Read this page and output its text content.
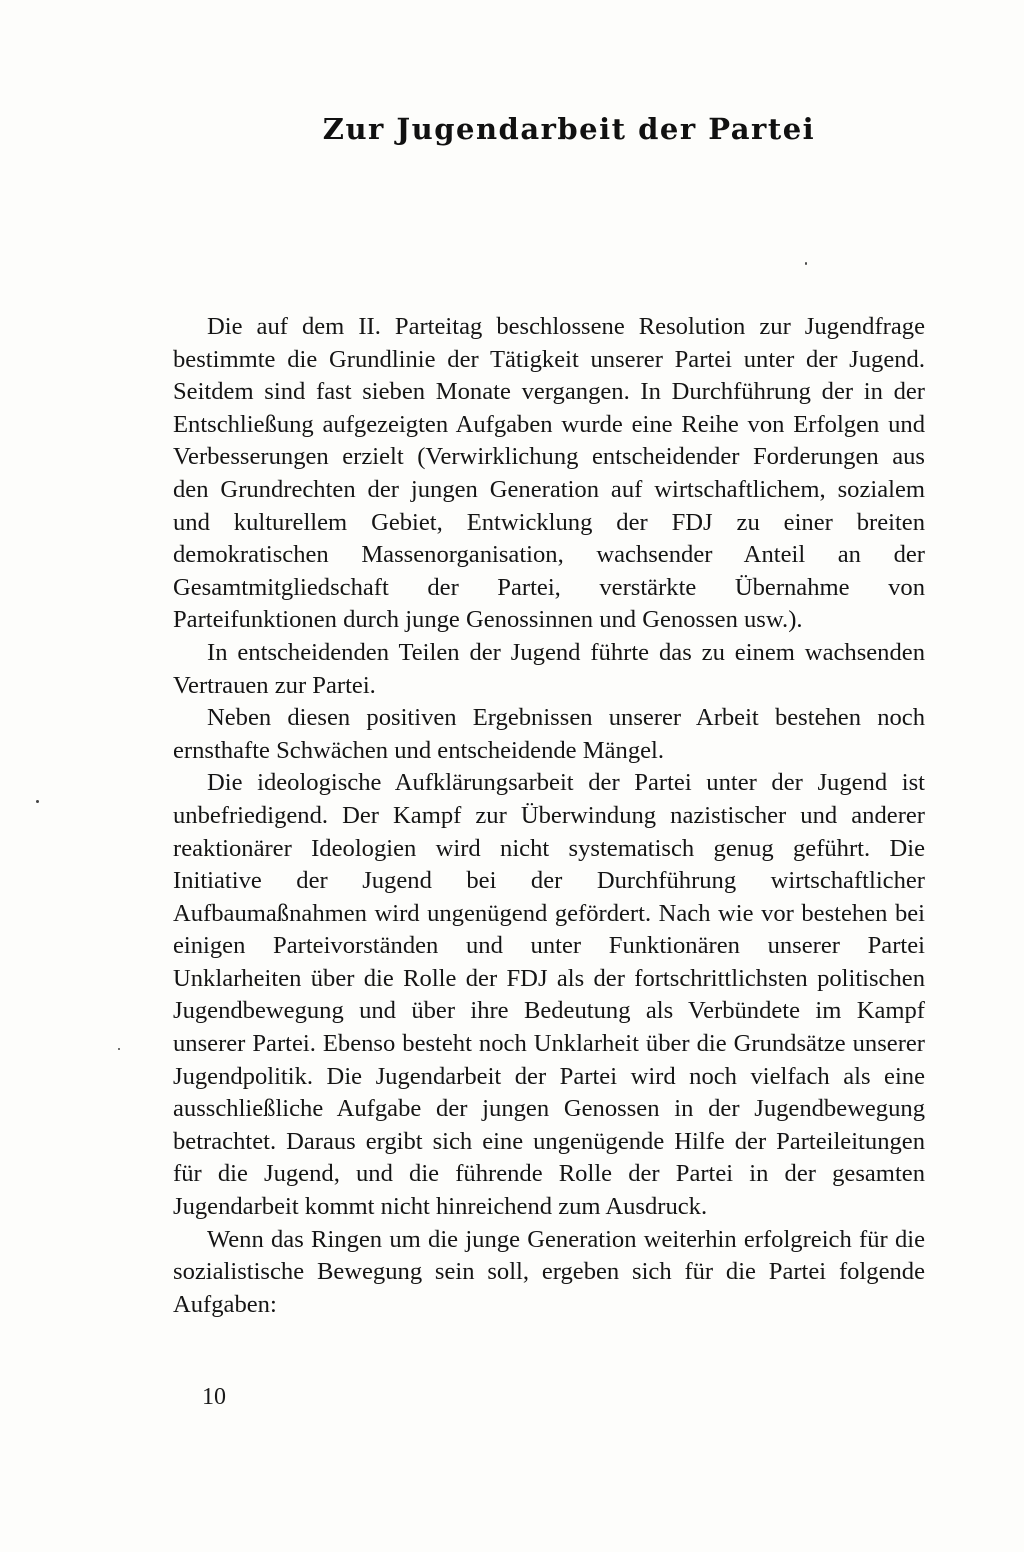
Zur Jugendarbeit der Partei

Die auf dem II. Parteitag beschlossene Resolution zur Jugendfrage bestimmte die Grundlinie der Tätigkeit unserer Partei unter der Jugend. Seitdem sind fast sieben Monate vergangen. In Durchführung der in der Entschließung aufgezeigten Aufgaben wurde eine Reihe von Erfolgen und Verbesserungen erzielt (Verwirklichung entscheidender Forderungen aus den Grundrechten der jungen Generation auf wirtschaftlichem, sozialem und kulturellem Gebiet, Entwicklung der FDJ zu einer breiten demokratischen Massenorganisation, wachsender Anteil an der Gesamtmitgliedschaft der Partei, verstärkte Übernahme von Parteifunktionen durch junge Genossinnen und Genossen usw.).

In entscheidenden Teilen der Jugend führte das zu einem wachsenden Vertrauen zur Partei.

Neben diesen positiven Ergebnissen unserer Arbeit bestehen noch ernsthafte Schwächen und entscheidende Mängel.

Die ideologische Aufklärungsarbeit der Partei unter der Jugend ist unbefriedigend. Der Kampf zur Überwindung nazistischer und anderer reaktionärer Ideologien wird nicht systematisch genug geführt. Die Initiative der Jugend bei der Durchführung wirtschaftlicher Aufbaumaßnahmen wird ungenügend gefördert. Nach wie vor bestehen bei einigen Parteivorständen und unter Funktionären unserer Partei Unklarheiten über die Rolle der FDJ als der fortschrittlichsten politischen Jugendbewegung und über ihre Bedeutung als Verbündete im Kampf unserer Partei. Ebenso besteht noch Unklarheit über die Grundsätze unserer Jugendpolitik. Die Jugendarbeit der Partei wird noch vielfach als eine ausschließliche Aufgabe der jungen Genossen in der Jugendbewegung betrachtet. Daraus ergibt sich eine ungenügende Hilfe der Parteileitungen für die Jugend, und die führende Rolle der Partei in der gesamten Jugendarbeit kommt nicht hinreichend zum Ausdruck.

Wenn das Ringen um die junge Generation weiterhin erfolgreich für die sozialistische Bewegung sein soll, ergeben sich für die Partei folgende Aufgaben:

10
